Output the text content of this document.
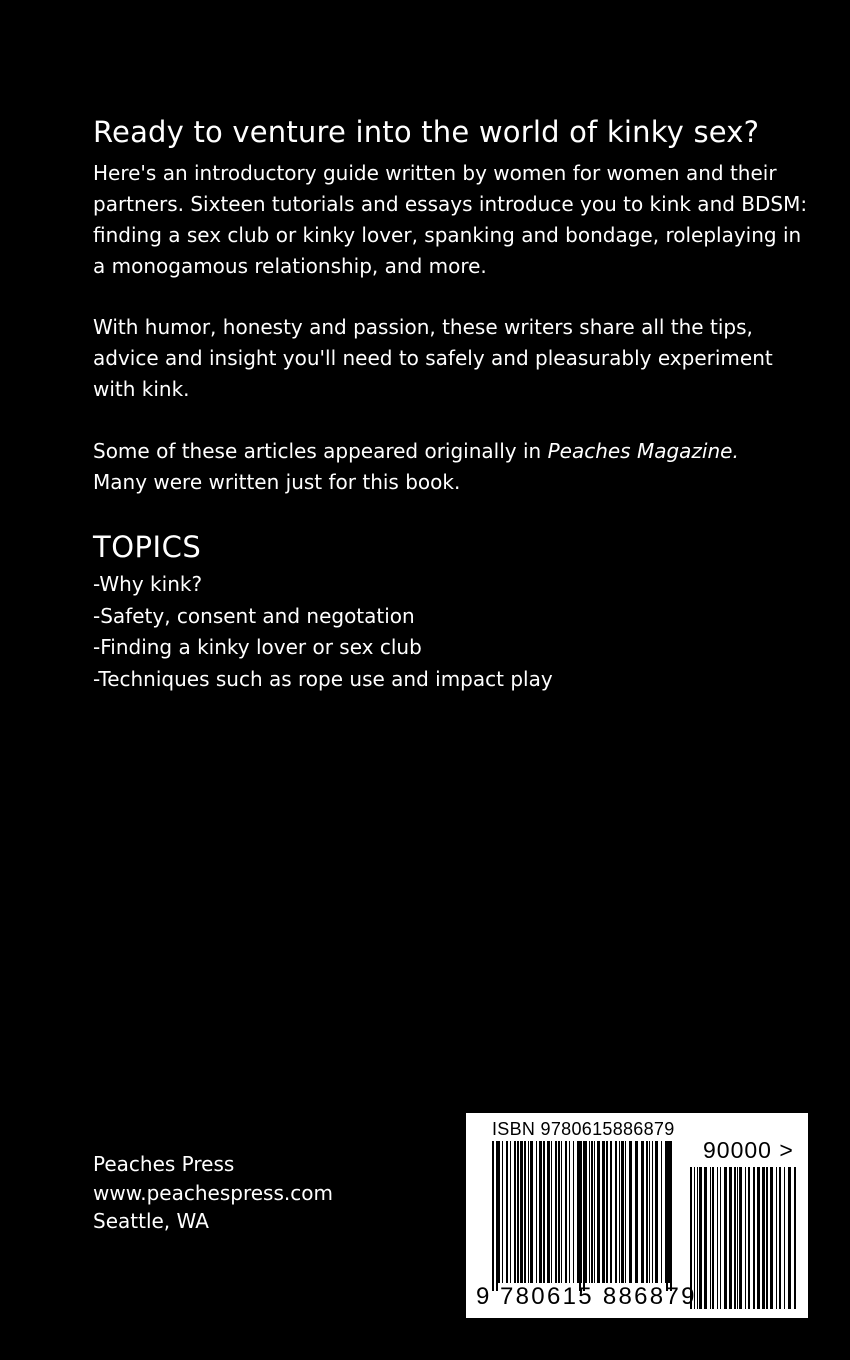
Ready to venture into the world of kinky sex?

Here's an introductory guide written by women for women and their partners. Sixteen tutorials and essays introduce you to kink and BDSM: finding a sex club or kinky lover, spanking and bondage, roleplaying in a monogamous relationship, and more.

With humor, honesty and passion, these writers share all the tips, advice and insight you'll need to safely and pleasurably experiment with kink.

Some of these articles appeared originally in Peaches Magazine.
Many were written just for this book.

TOPICS
-Why kink?
-Safety, consent and negotation
-Finding a kinky lover or sex club
-Techniques such as rope use and impact play
Peaches Press
www.peachespress.com
Seattle, WA
ISBN 9780615886879
90000 >
9 780615 886879
